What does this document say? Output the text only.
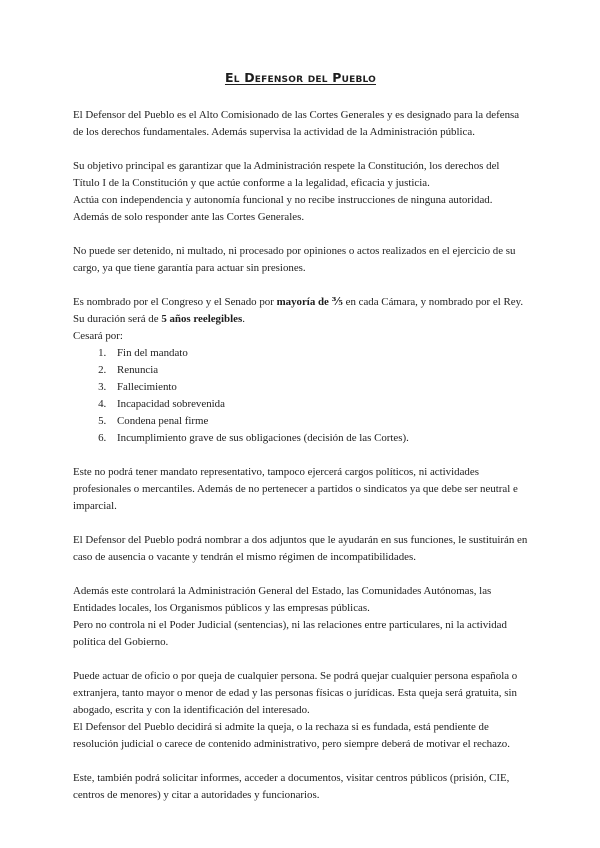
El Defensor del Pueblo

El Defensor del Pueblo es el Alto Comisionado de las Cortes Generales y es designado para la defensa de los derechos fundamentales. Además supervisa la actividad de la Administración pública.

Su objetivo principal es garantizar que la Administración respete la Constitución, los derechos del Título I de la Constitución y que actúe conforme a la legalidad, eficacia y justicia.

Actúa con independencia y autonomía funcional y no recibe instrucciones de ninguna autoridad. Además de solo responder ante las Cortes Generales.

No puede ser detenido, ni multado, ni procesado por opiniones o actos realizados en el ejercicio de su cargo, ya que tiene garantía para actuar sin presiones.

Es nombrado por el Congreso y el Senado por mayoría de ⅗ en cada Cámara, y nombrado por el Rey. Su duración será de 5 años reelegibles.

Cesará por:

1. Fin del mandato
2. Renuncia
3. Fallecimiento
4. Incapacidad sobrevenida
5. Condena penal firme
6. Incumplimiento grave de sus obligaciones (decisión de las Cortes).

Este no podrá tener mandato representativo, tampoco ejercerá cargos políticos, ni actividades profesionales o mercantiles. Además de no pertenecer a partidos o sindicatos ya que debe ser neutral e imparcial.

El Defensor del Pueblo podrá nombrar a dos adjuntos que le ayudarán en sus funciones, le sustituirán en caso de ausencia o vacante y tendrán el mismo régimen de incompatibilidades.

Además este controlará la Administración General del Estado, las Comunidades Autónomas, las Entidades locales, los Organismos públicos y las empresas públicas.

Pero no controla ni el Poder Judicial (sentencias), ni las relaciones entre particulares, ni la actividad política del Gobierno.

Puede actuar de oficio o por queja de cualquier persona. Se podrá quejar cualquier persona española o extranjera, tanto mayor o menor de edad y las personas físicas o jurídicas. Esta queja será gratuita, sin abogado, escrita y con la identificación del interesado.

El Defensor del Pueblo decidirá si admite la queja, o la rechaza si es fundada, está pendiente de resolución judicial o carece de contenido administrativo, pero siempre deberá de motivar el rechazo.

Este, también podrá solicitar informes, acceder a documentos, visitar centros públicos (prisión, CIE, centros de menores) y citar a autoridades y funcionarios.
